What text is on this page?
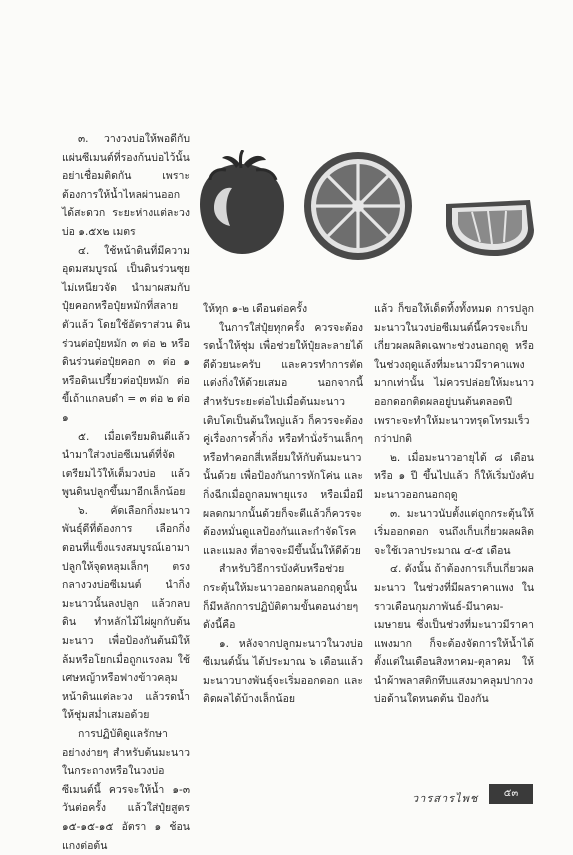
๓. วางวงบ่อให้พอดีกับแผ่นซีเมนต์ที่รองก้นบ่อไว้นั้น อย่าเชื่อมติดกัน เพราะต้องการให้น้ำไหลผ่านออกได้สะดวก ระยะห่างแต่ละวงบ่อ ๑.๕x๒ เมตร

๔. ใช้หน้าดินที่มีความอุดมสมบูรณ์ เป็นดินร่วนซุยไม่เหนียวจัด นำมาผสมกับปุ๋ยคอกหรือปุ๋ยหมักที่สลายตัวแล้ว โดยใช้อัตราส่วน ดินร่วนต่อปุ๋ยหมัก ๓ ต่อ ๒ หรือ ดินร่วนต่อปุ๋ยคอก ๓ ต่อ ๑ หรือดินเปรี้ยวต่อปุ๋ยหมัก ต่อ ขี้เถ้าแกลบดำ = ๓ ต่อ ๒ ต่อ ๑

๕. เมื่อเตรียมดินดีแล้วนำมาใส่วงบ่อซีเมนต์ที่จัดเตรียมไว้ให้เต็มวงบ่อ แล้วพูนดินปลูกขึ้นมาอีกเล็กน้อย

๖. คัดเลือกกิ่งมะนาวพันธุ์ดีที่ต้องการ เลือกกิ่งตอนที่แข็งแรงสมบูรณ์เอามาปลูกให้จุดหลุมเล็กๆ ตรงกลางวงบ่อซีเมนต์ นำกิ่งมะนาวนั้นลงปลูก แล้วกลบดิน ทำหลักไม้ไผ่ผูกกับต้นมะนาว เพื่อป้องกันต้นมิให้ล้มหรือโยกเมื่อถูกแรงลม ใช้เศษหญ้าหรือฟางข้าวคลุมหน้าดินแต่ละวง แล้วรดน้ำให้ชุ่มสม่ำเสมอด้วย

การปฏิบัติดูแลรักษาอย่างง่ายๆ สำหรับต้นมะนาวในกระถางหรือในวงบ่อซีเมนต์นี้ ควรจะให้น้ำ ๑-๓ วันต่อครั้ง แล้วใส่ปุ๋ยสูตร ๑๕-๑๕-๑๕ อัตรา ๑ ช้อนแกงต่อต้น

ให้ทุก ๑-๒ เดือนต่อครั้ง

ในการใส่ปุ๋ยทุกครั้ง ควรจะต้องรดน้ำให้ชุ่ม เพื่อช่วยให้ปุ๋ยละลายได้ดีด้วยนะครับ และควรทำการตัดแต่งกิ่งให้ด้วยเสมอ นอกจากนี้สำหรับระยะต่อไปเมื่อต้นมะนาวเติบโตเป็นต้นใหญ่แล้ว ก็ควรจะต้องคู่เรื่องการค้ำกิ่ง หรือทำนั่งร้านเล็กๆ หรือทำคอกสี่เหลี่ยมให้กับต้นมะนาวนั้นด้วย เพื่อป้องกันการหักโค่น และกิ่งฉีกเมื่อถูกลมพายุแรง หรือเมื่อมีผลดกมากนั้นด้วยก็จะดีแล้วก็ควรจะต้องหมั่นดูแลป้องกันและกำจัดโรคและแมลง ที่อาจจะมีขึ้นนั้นให้ดีด้วย

สำหรับวิธีการบังคับหรือช่วยกระตุ้นให้มะนาวออกผลนอกฤดูนั้น ก็มีหลักการปฏิบัติตามขั้นตอนง่ายๆ ดังนี้คือ

๑. หลังจากปลูกมะนาวในวงบ่อซีเมนต์นั้น ได้ประมาณ ๖ เดือนแล้ว มะนาวบางพันธุ์จะเริ่มออกดอก และติดผลได้บ้างเล็กน้อย

แล้ว ก็ขอให้เด็ดทิ้งทั้งหมด การปลูกมะนาวในวงบ่อซีเมนต์นี้ควรจะเก็บเกี่ยวผลผลิตเฉพาะช่วงนอกฤดู หรือในช่วงฤดูแล้งที่มะนาวมีราคาแพงมากเท่านั้น ไม่ควรปล่อยให้มะนาวออกดอกติดผลอยู่บนต้นตลอดปี เพราะจะทำให้มะนาวทรุดโทรมเร็วกว่าปกติ

๒. เมื่อมะนาวอายุได้ ๘ เดือน หรือ ๑ ปี ขึ้นไปแล้ว ก็ให้เริ่มบังคับมะนาวออกนอกฤดู

๓. มะนาวนับตั้งแต่ถูกกระตุ้นให้เริ่มออกดอก จนถึงเก็บเกี่ยวผลผลิต จะใช้เวลาประมาณ ๔-๕ เดือน

๔. ดังนั้น ถ้าต้องการเก็บเกี่ยวผลมะนาว ในช่วงที่มีผลราคาแพง ในราวเดือนกุมภาพันธ์-มีนาคม-เมษายน ซึ่งเป็นช่วงที่มะนาวมีราคาแพงมาก ก็จะต้องจัดการให้น้ำได้ตั้งแต่ในเดือนสิงหาคม-ตุลาคม ให้นำผ้าพลาสติกทึบแสงมาคลุมปากวงบ่อด้านใดหนดต้น ป้องกัน

วารสารไพช	๕๓
